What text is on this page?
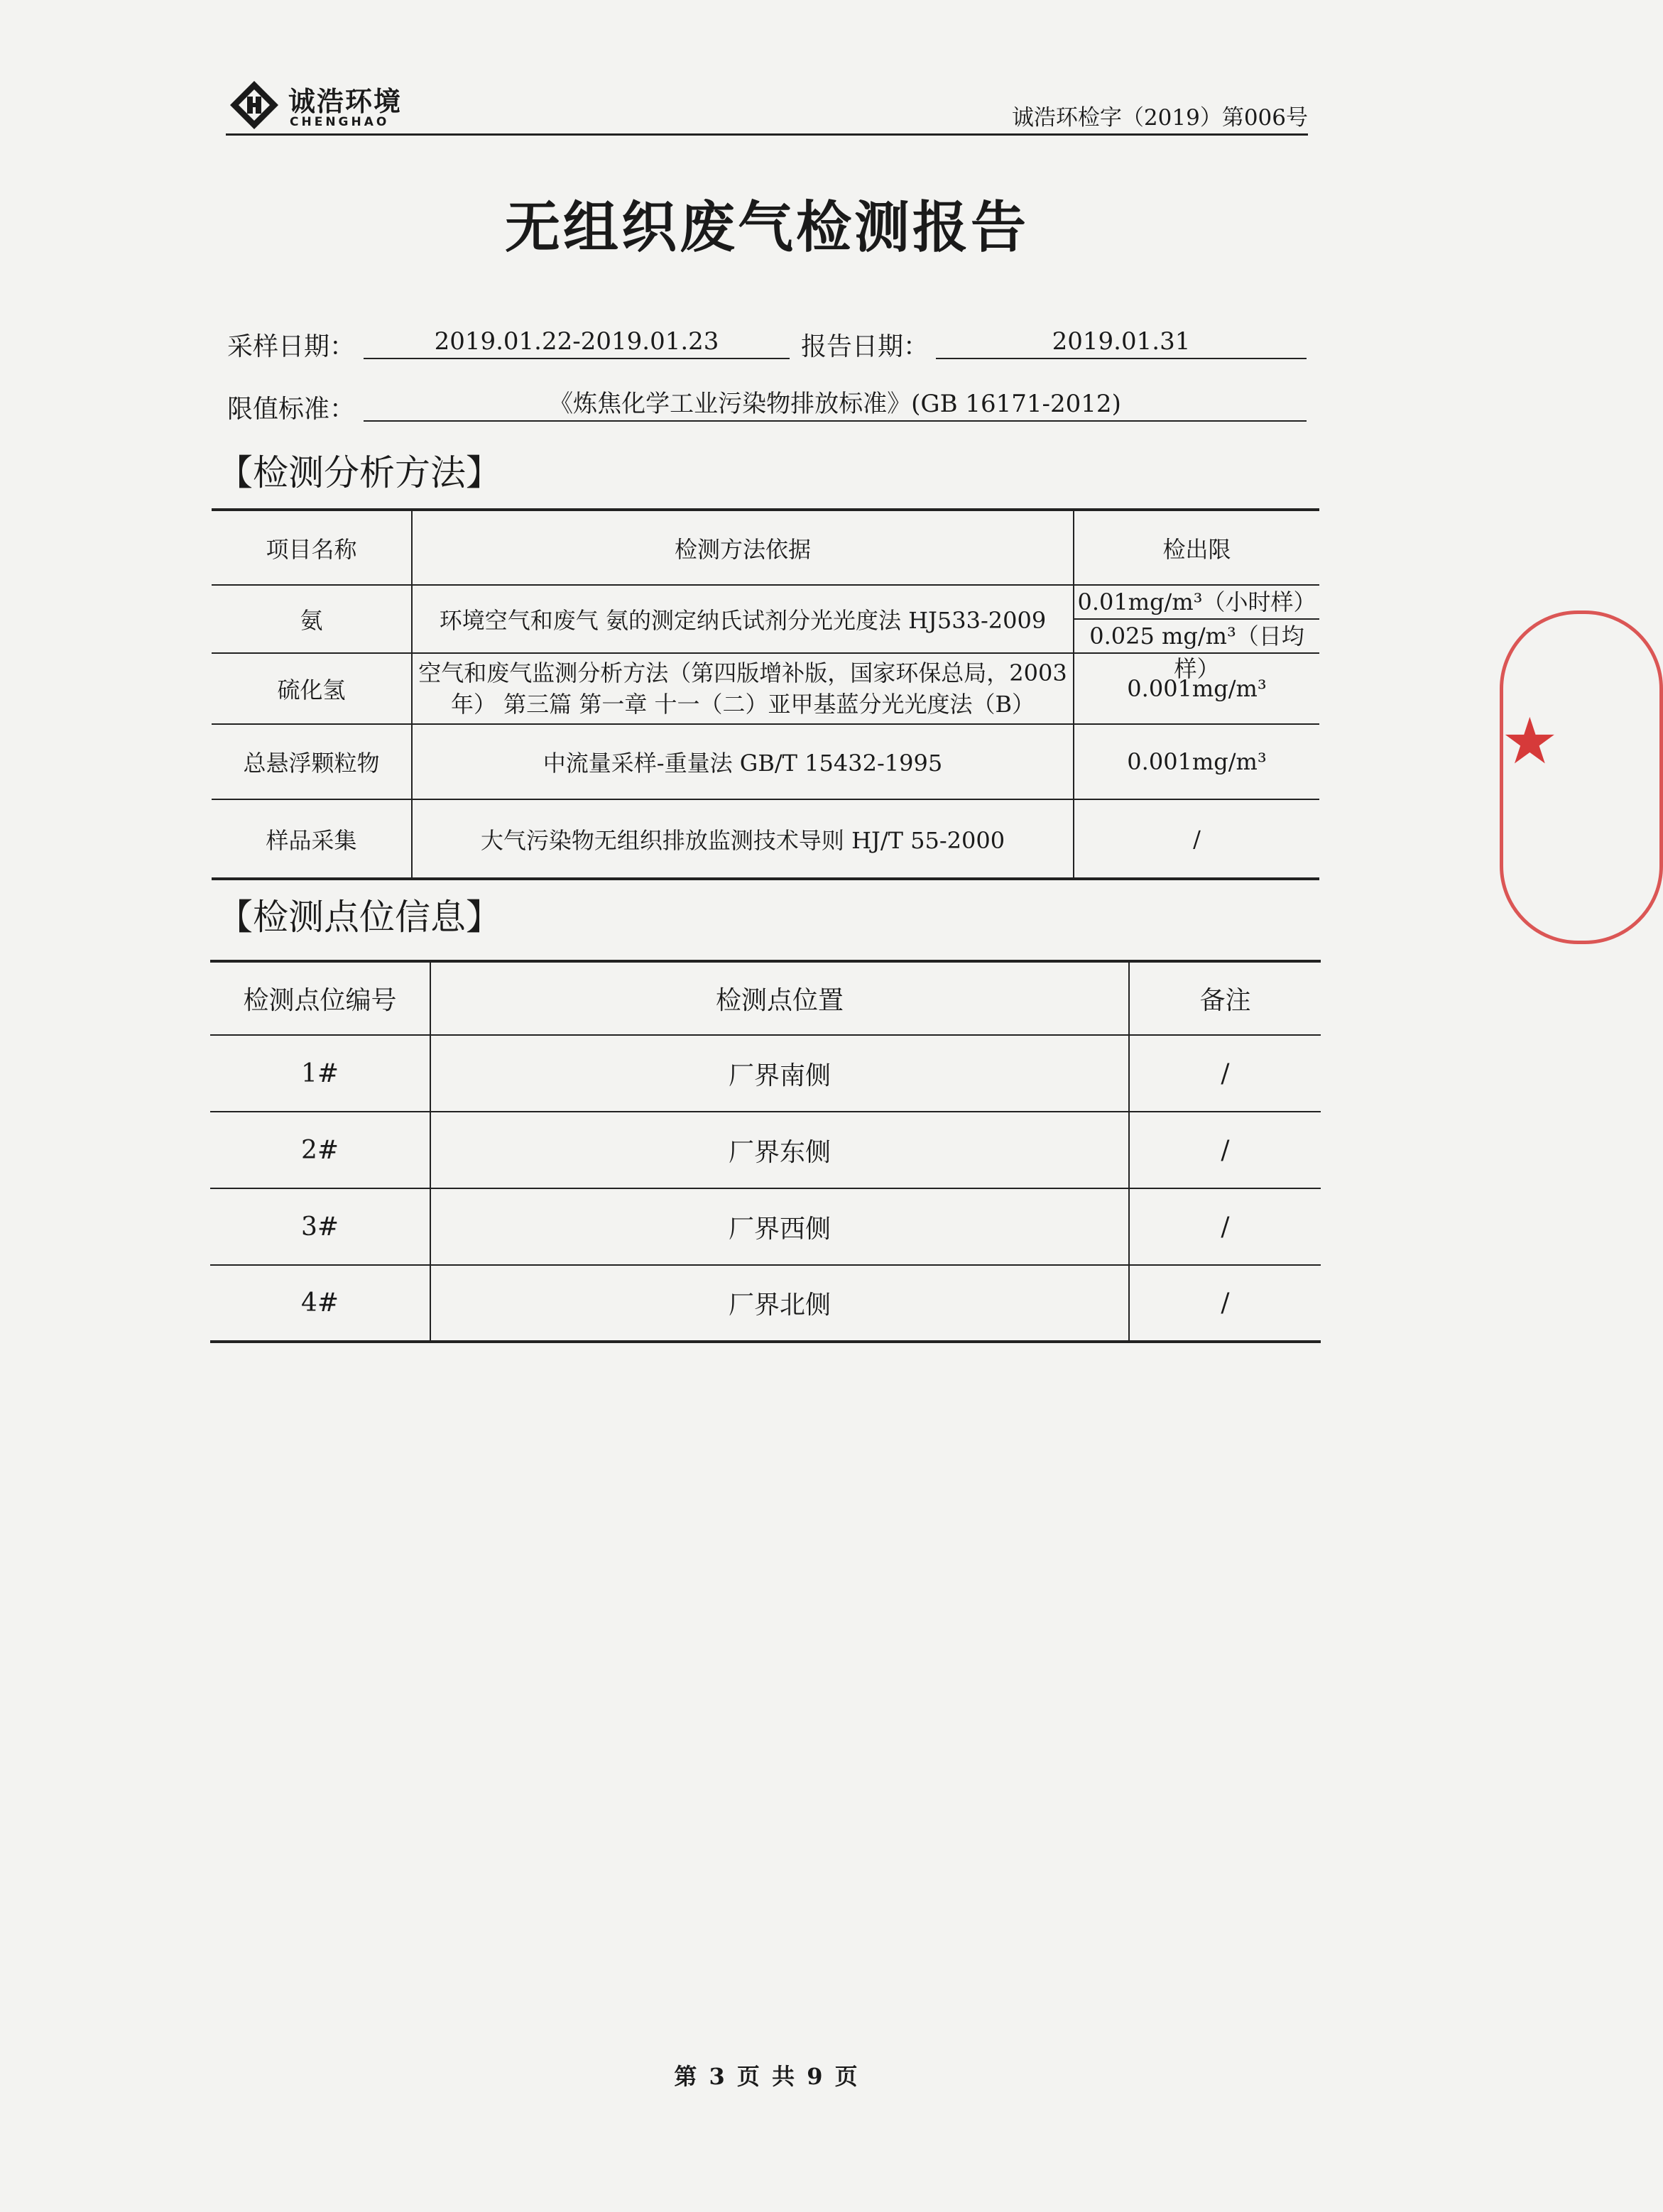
诚浩环境
CHENGHAO	诚浩环检字（2019）第006号
无组织废气检测报告
采样日期：	2019.01.22-2019.01.23	报告日期：	2019.01.31
限值标准：	《炼焦化学工业污染物排放标准》(GB 16171-2012)
【检测分析方法】
项目名称	检测方法依据	检出限
氨	环境空气和废气 氨的测定纳氏试剂分光光度法 HJ533-2009	0.01mg/m³（小时样）
0.025 mg/m³（日均样）

硫化氢	空气和废气监测分析方法（第四版增补版，国家环保总局，2003
年） 第三篇 第一章 十一（二）亚甲基蓝分光光度法（B）	0.001mg/m³
总悬浮颗粒物	中流量采样-重量法 GB/T 15432-1995	0.001mg/m³
样品采集	大气污染物无组织排放监测技术导则 HJ/T 55-2000	/
【检测点位信息】
检测点位编号	检测点位置	备注
1#	厂界南侧	/
2#	厂界东侧	/
3#	厂界西侧	/
4#	厂界北侧	/
第 3 页 共 9 页
★
